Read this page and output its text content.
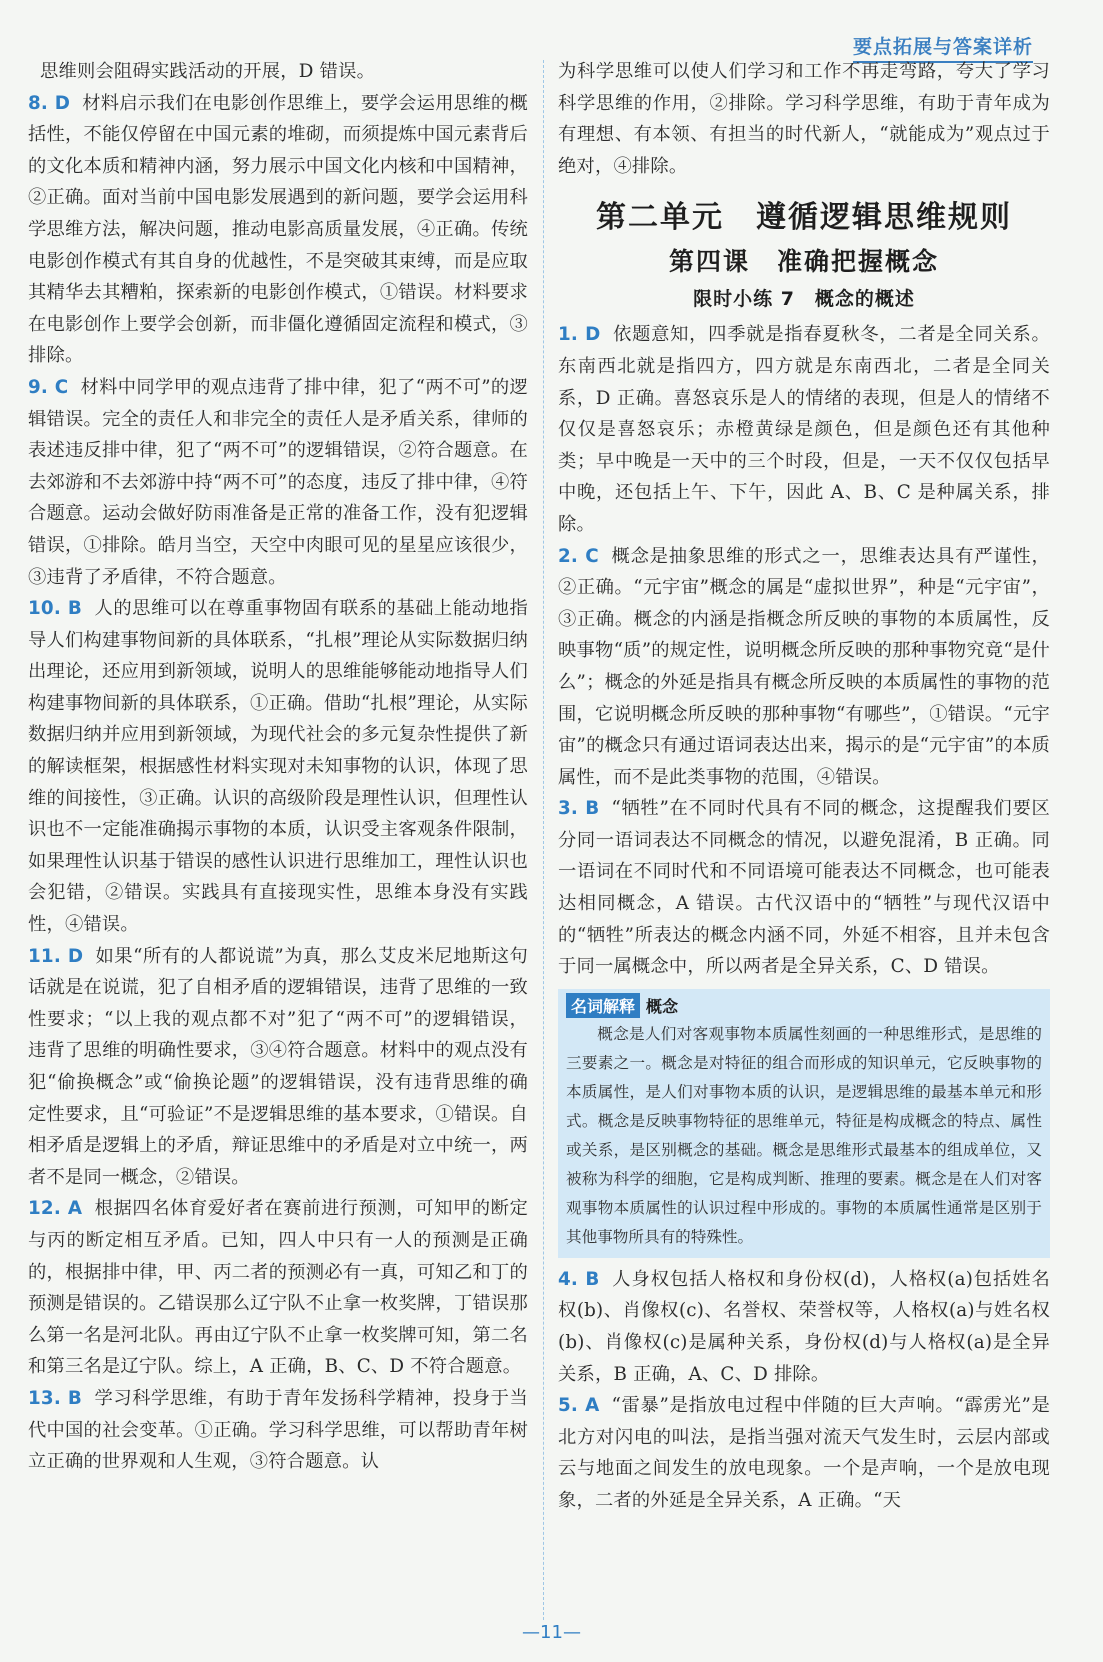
要点拓展与答案详析

思维则会阻碍实践活动的开展，D 错误。

8. D 材料启示我们在电影创作思维上，要学会运用思维的概括性，不能仅停留在中国元素的堆砌，而须提炼中国元素背后的文化本质和精神内涵，努力展示中国文化内核和中国精神，②正确。面对当前中国电影发展遇到的新问题，要学会运用科学思维方法，解决问题，推动电影高质量发展，④正确。传统电影创作模式有其自身的优越性，不是突破其束缚，而是应取其精华去其糟粕，探索新的电影创作模式，①错误。材料要求在电影创作上要学会创新，而非僵化遵循固定流程和模式，③排除。

9. C 材料中同学甲的观点违背了排中律，犯了“两不可”的逻辑错误。完全的责任人和非完全的责任人是矛盾关系，律师的表述违反排中律，犯了“两不可”的逻辑错误，②符合题意。在去郊游和不去郊游中持“两不可”的态度，违反了排中律，④符合题意。运动会做好防雨准备是正常的准备工作，没有犯逻辑错误，①排除。皓月当空，天空中肉眼可见的星星应该很少，③违背了矛盾律，不符合题意。

10. B 人的思维可以在尊重事物固有联系的基础上能动地指导人们构建事物间新的具体联系，“扎根”理论从实际数据归纳出理论，还应用到新领域，说明人的思维能够能动地指导人们构建事物间新的具体联系，①正确。借助“扎根”理论，从实际数据归纳并应用到新领域，为现代社会的多元复杂性提供了新的解读框架，根据感性材料实现对未知事物的认识，体现了思维的间接性，③正确。认识的高级阶段是理性认识，但理性认识也不一定能准确揭示事物的本质，认识受主客观条件限制，如果理性认识基于错误的感性认识进行思维加工，理性认识也会犯错，②错误。实践具有直接现实性，思维本身没有实践性，④错误。

11. D 如果“所有的人都说谎”为真，那么艾皮米尼地斯这句话就是在说谎，犯了自相矛盾的逻辑错误，违背了思维的一致性要求；“以上我的观点都不对”犯了“两不可”的逻辑错误，违背了思维的明确性要求，③④符合题意。材料中的观点没有犯“偷换概念”或“偷换论题”的逻辑错误，没有违背思维的确定性要求，且“可验证”不是逻辑思维的基本要求，①错误。自相矛盾是逻辑上的矛盾，辩证思维中的矛盾是对立中统一，两者不是同一概念，②错误。

12. A 根据四名体育爱好者在赛前进行预测，可知甲的断定与丙的断定相互矛盾。已知，四人中只有一人的预测是正确的，根据排中律，甲、丙二者的预测必有一真，可知乙和丁的预测是错误的。乙错误那么辽宁队不止拿一枚奖牌，丁错误那么第一名是河北队。再由辽宁队不止拿一枚奖牌可知，第二名和第三名是辽宁队。综上，A 正确，B、C、D 不符合题意。

13. B 学习科学思维，有助于青年发扬科学精神，投身于当代中国的社会变革。①正确。学习科学思维，可以帮助青年树立正确的世界观和人生观，③符合题意。认

为科学思维可以使人们学习和工作不再走弯路，夸大了学习科学思维的作用，②排除。学习科学思维，有助于青年成为有理想、有本领、有担当的时代新人，“就能成为”观点过于绝对，④排除。

第二单元　遵循逻辑思维规则
第四课　准确把握概念
限时小练 7　概念的概述

1. D 依题意知，四季就是指春夏秋冬，二者是全同关系。东南西北就是指四方，四方就是东南西北，二者是全同关系，D 正确。喜怒哀乐是人的情绪的表现，但是人的情绪不仅仅是喜怒哀乐；赤橙黄绿是颜色，但是颜色还有其他种类；早中晚是一天中的三个时段，但是，一天不仅仅包括早中晚，还包括上午、下午，因此 A、B、C 是种属关系，排除。

2. C 概念是抽象思维的形式之一，思维表达具有严谨性，②正确。“元宇宙”概念的属是“虚拟世界”，种是“元宇宙”，③正确。概念的内涵是指概念所反映的事物的本质属性，反映事物“质”的规定性，说明概念所反映的那种事物究竟“是什么”；概念的外延是指具有概念所反映的本质属性的事物的范围，它说明概念所反映的那种事物“有哪些”，①错误。“元宇宙”的概念只有通过语词表达出来，揭示的是“元宇宙”的本质属性，而不是此类事物的范围，④错误。

3. B “牺牲”在不同时代具有不同的概念，这提醒我们要区分同一语词表达不同概念的情况，以避免混淆，B 正确。同一语词在不同时代和不同语境可能表达不同概念，也可能表达相同概念，A 错误。古代汉语中的“牺牲”与现代汉语中的“牺牲”所表达的概念内涵不同，外延不相容，且并未包含于同一属概念中，所以两者是全异关系，C、D 错误。

名词解释 概念

概念是人们对客观事物本质属性刻画的一种思维形式，是思维的三要素之一。概念是对特征的组合而形成的知识单元，它反映事物的本质属性，是人们对事物本质的认识，是逻辑思维的最基本单元和形式。概念是反映事物特征的思维单元，特征是构成概念的特点、属性或关系，是区别概念的基础。概念是思维形式最基本的组成单位，又被称为科学的细胞，它是构成判断、推理的要素。概念是在人们对客观事物本质属性的认识过程中形成的。事物的本质属性通常是区别于其他事物所具有的特殊性。

4. B 人身权包括人格权和身份权(d)，人格权(a)包括姓名权(b)、肖像权(c)、名誉权、荣誉权等，人格权(a)与姓名权(b)、肖像权(c)是属种关系，身份权(d)与人格权(a)是全异关系，B 正确，A、C、D 排除。

5. A “雷暴”是指放电过程中伴随的巨大声响。“霹雳光”是北方对闪电的叫法，是指当强对流天气发生时，云层内部或云与地面之间发生的放电现象。一个是声响，一个是放电现象，二者的外延是全异关系，A 正确。“天

—11—
